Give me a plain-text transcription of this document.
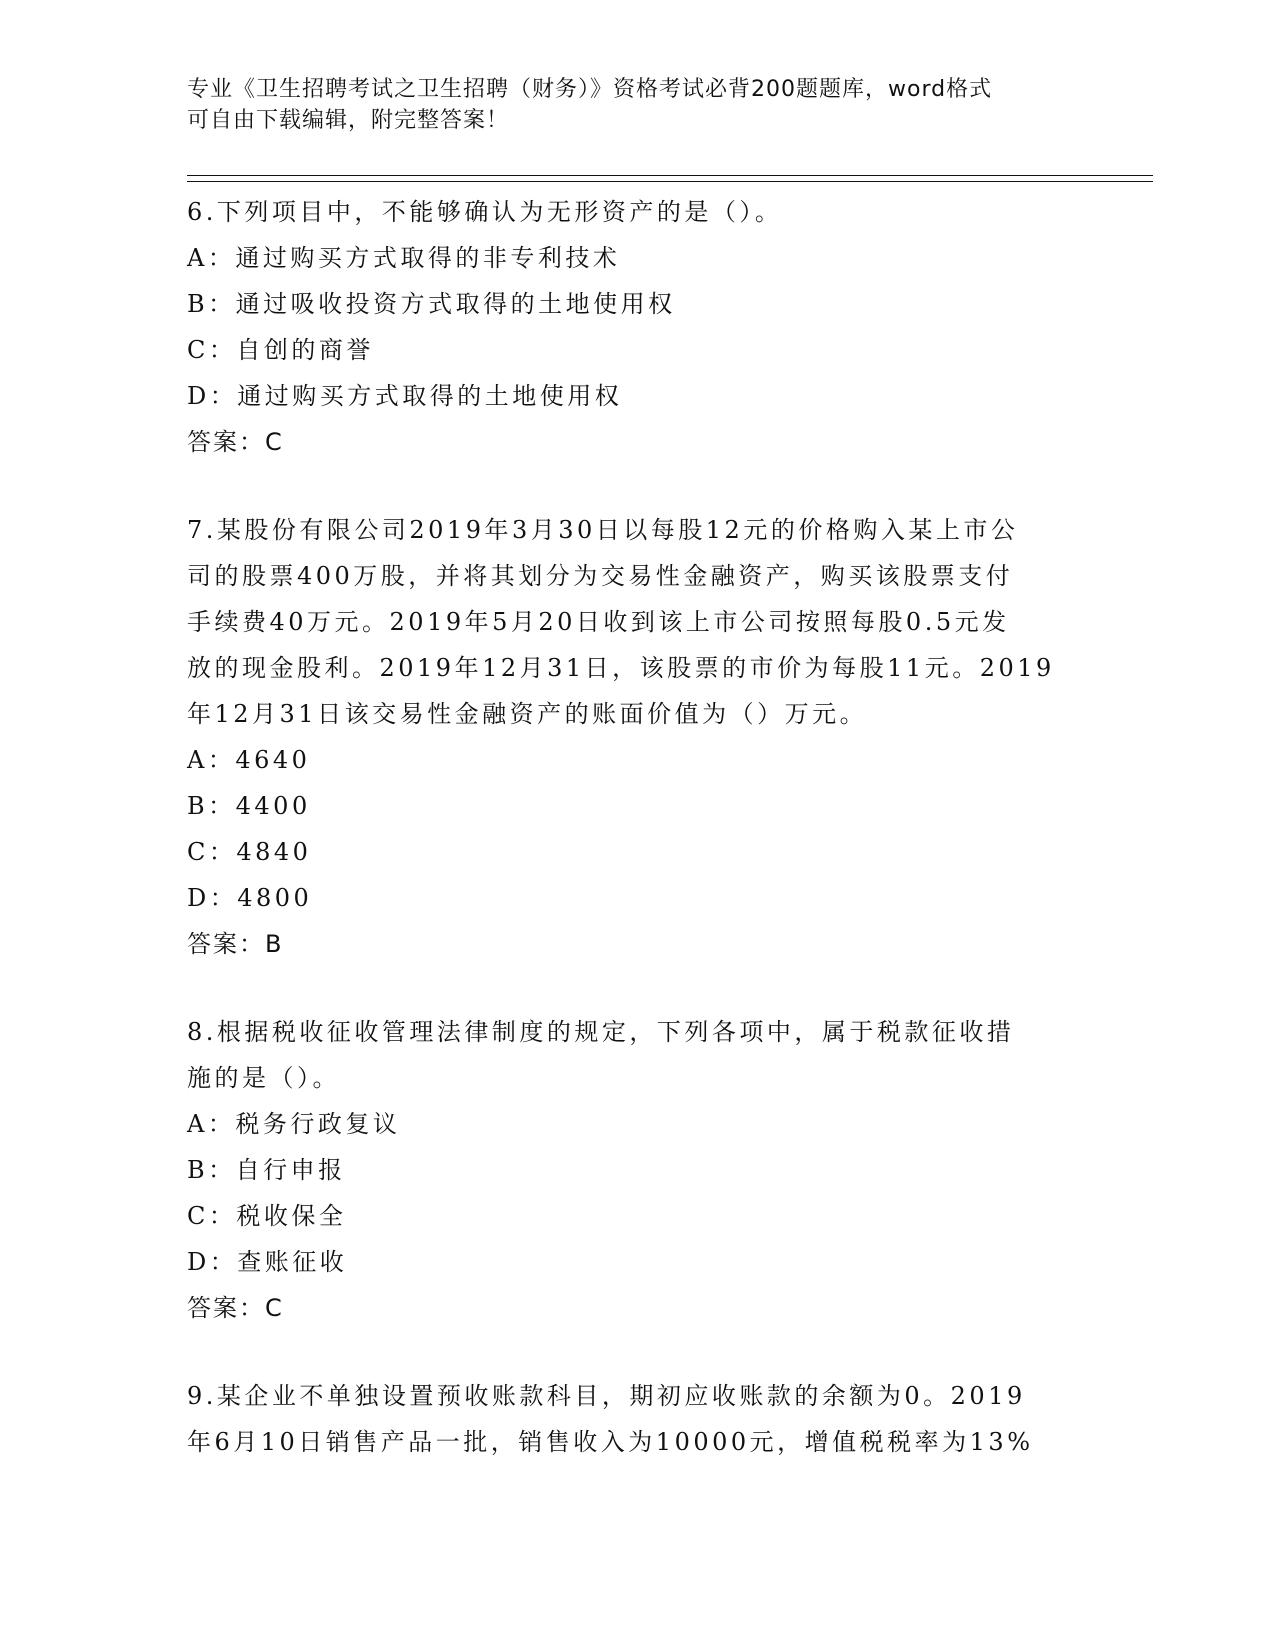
专业《卫生招聘考试之卫生招聘（财务）》资格考试必背200题题库，word格式
可自由下载编辑，附完整答案！
6.下列项目中，不能够确认为无形资产的是（）。
A：通过购买方式取得的非专利技术
B：通过吸收投资方式取得的土地使用权
C：自创的商誉
D：通过购买方式取得的土地使用权
答案：C
7.某股份有限公司2019年3月30日以每股12元的价格购入某上市公
司的股票400万股，并将其划分为交易性金融资产，购买该股票支付
手续费40万元。2019年5月20日收到该上市公司按照每股0.5元发
放的现金股利。2019年12月31日，该股票的市价为每股11元。2019
年12月31日该交易性金融资产的账面价值为（）万元。
A：4640
B：4400
C：4840
D：4800
答案：B
8.根据税收征收管理法律制度的规定，下列各项中，属于税款征收措
施的是（）。
A：税务行政复议
B：自行申报
C：税收保全
D：查账征收
答案：C
9.某企业不单独设置预收账款科目，期初应收账款的余额为0。2019
年6月10日销售产品一批，销售收入为10000元，增值税税率为13%
